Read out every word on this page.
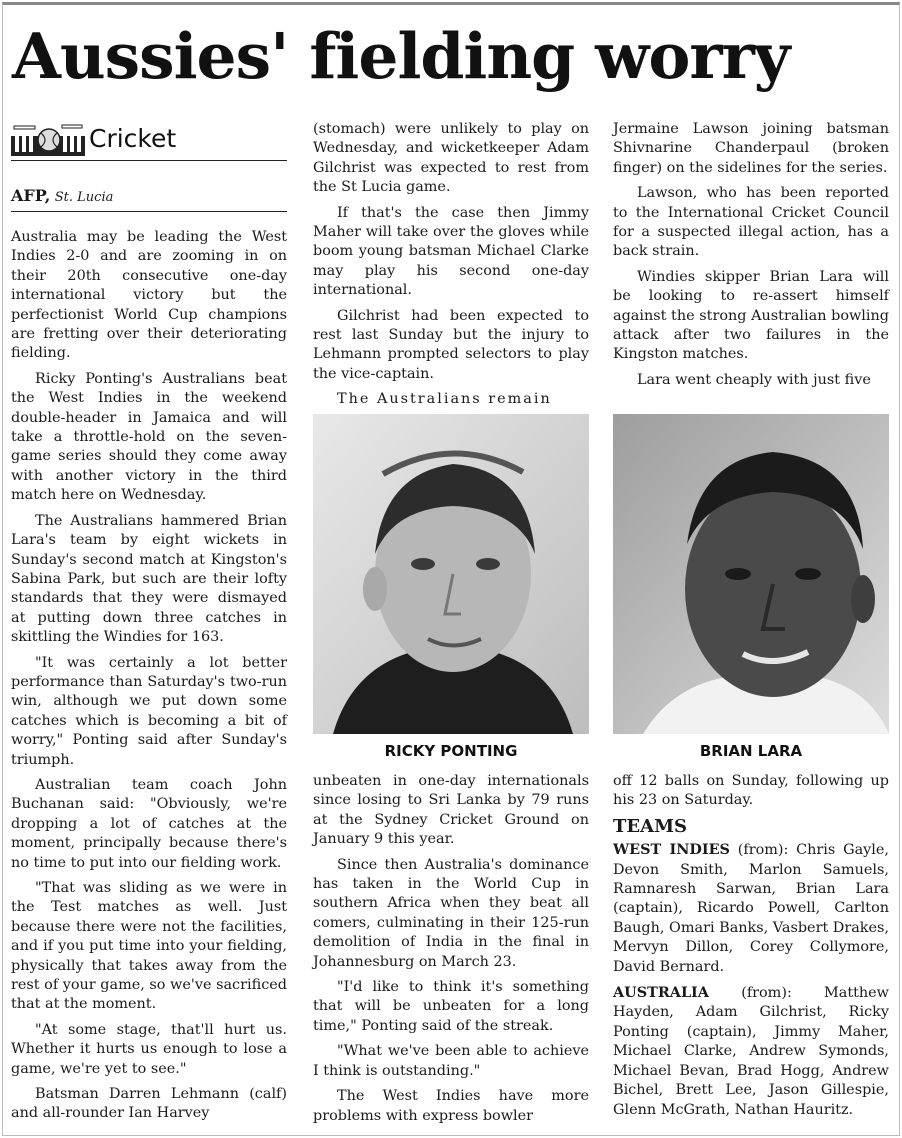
Aussies' fielding worry
Cricket
AFP, St. Lucia

Australia may be leading the West Indies 2-0 and are zooming in on their 20th consecutive one-day international victory but the perfectionist World Cup champions are fretting over their deteriorating fielding.

Ricky Ponting's Australians beat the West Indies in the weekend double-header in Jamaica and will take a throttle-hold on the seven-game series should they come away with another victory in the third match here on Wednesday.

The Australians hammered Brian Lara's team by eight wickets in Sunday's second match at Kingston's Sabina Park, but such are their lofty standards that they were dismayed at putting down three catches in skittling the Windies for 163.

"It was certainly a lot better performance than Saturday's two-run win, although we put down some catches which is becoming a bit of worry," Ponting said after Sunday's triumph.

Australian team coach John Buchanan said: "Obviously, we're dropping a lot of catches at the moment, principally because there's no time to put into our fielding work.

"That was sliding as we were in the Test matches as well. Just because there were not the facilities, and if you put time into your fielding, physically that takes away from the rest of your game, so we've sacrificed that at the moment.

"At some stage, that'll hurt us. Whether it hurts us enough to lose a game, we're yet to see."

Batsman Darren Lehmann (calf) and all-rounder Ian Harvey

(stomach) were unlikely to play on Wednesday, and wicketkeeper Adam Gilchrist was expected to rest from the St Lucia game.

If that's the case then Jimmy Maher will take over the gloves while boom young batsman Michael Clarke may play his second one-day international.

Gilchrist had been expected to rest last Sunday but the injury to Lehmann prompted selectors to play the vice-captain.

The Australians remain

Jermaine Lawson joining batsman Shivnarine Chanderpaul (broken finger) on the sidelines for the series.

Lawson, who has been reported to the International Cricket Council for a suspected illegal action, has a back strain.

Windies skipper Brian Lara will be looking to re-assert himself against the strong Australian bowling attack after two failures in the Kingston matches.

Lara went cheaply with just five

RICKY PONTING	BRIAN LARA

unbeaten in one-day internationals since losing to Sri Lanka by 79 runs at the Sydney Cricket Ground on January 9 this year.

Since then Australia's dominance has taken in the World Cup in southern Africa when they beat all comers, culminating in their 125-run demolition of India in the final in Johannesburg on March 23.

"I'd like to think it's something that will be unbeaten for a long time," Ponting said of the streak.

"What we've been able to achieve I think is outstanding."

The West Indies have more problems with express bowler

off 12 balls on Sunday, following up his 23 on Saturday.

TEAMS

WEST INDIES (from): Chris Gayle, Devon Smith, Marlon Samuels, Ramnaresh Sarwan, Brian Lara (captain), Ricardo Powell, Carlton Baugh, Omari Banks, Vasbert Drakes, Mervyn Dillon, Corey Collymore, David Bernard.

AUSTRALIA (from): Matthew Hayden, Adam Gilchrist, Ricky Ponting (captain), Jimmy Maher, Michael Clarke, Andrew Symonds, Michael Bevan, Brad Hogg, Andrew Bichel, Brett Lee, Jason Gillespie, Glenn McGrath, Nathan Hauritz.
